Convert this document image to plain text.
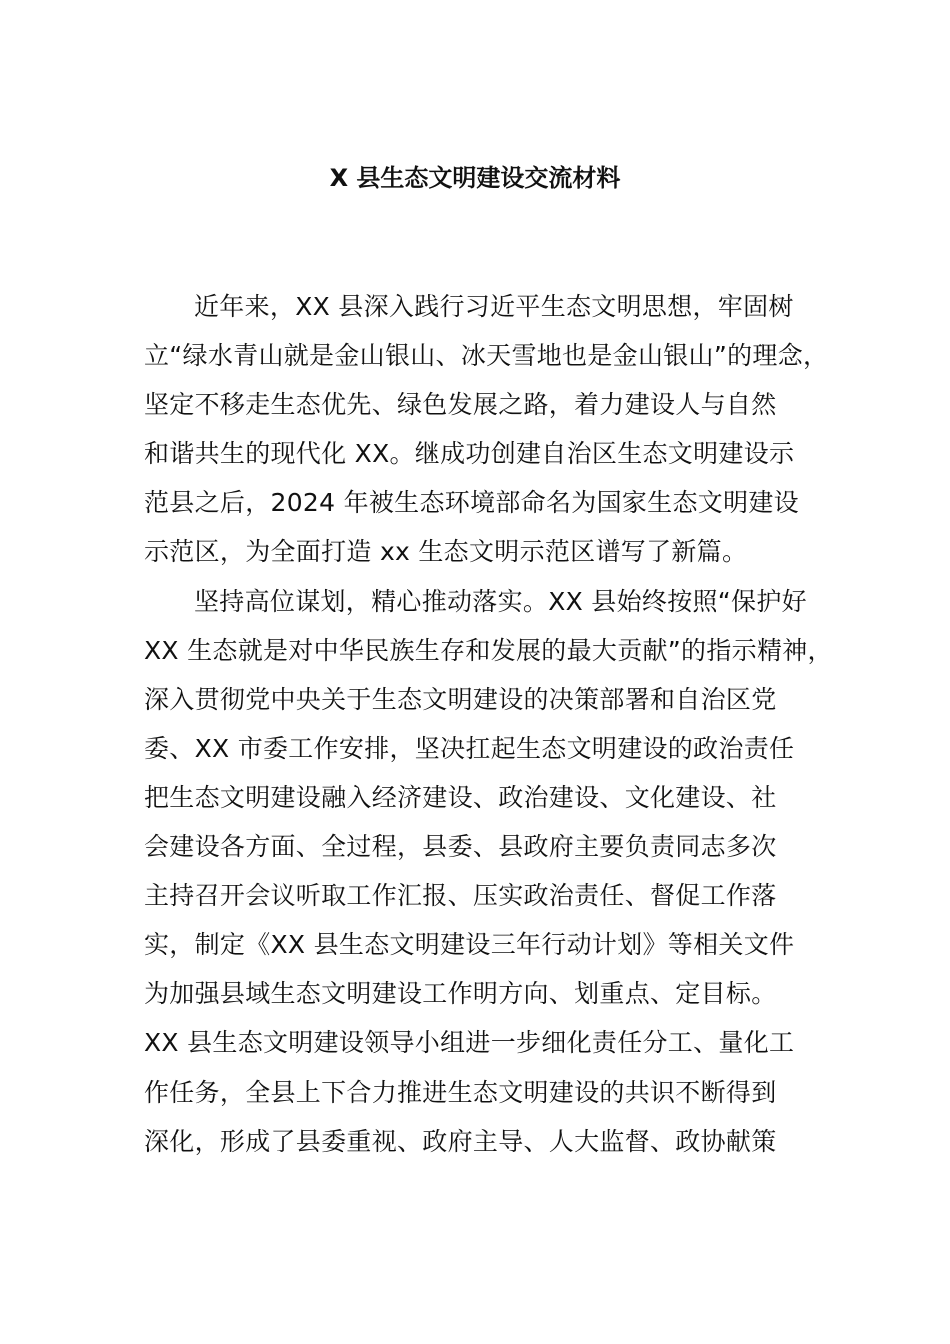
X 县生态文明建设交流材料
近年来，XX 县深入践行习近平生态文明思想，牢固树
立“绿水青山就是金山银山、冰天雪地也是金山银山”的理念，
坚定不移走生态优先、绿色发展之路，着力建设人与自然
和谐共生的现代化 XX。继成功创建自治区生态文明建设示
范县之后，2024 年被生态环境部命名为国家生态文明建设
示范区，为全面打造 xx 生态文明示范区谱写了新篇。
坚持高位谋划，精心推动落实。XX 县始终按照“保护好
XX 生态就是对中华民族生存和发展的最大贡献”的指示精神，
深入贯彻党中央关于生态文明建设的决策部署和自治区党
委、XX 市委工作安排，坚决扛起生态文明建设的政治责任
把生态文明建设融入经济建设、政治建设、文化建设、社
会建设各方面、全过程，县委、县政府主要负责同志多次
主持召开会议听取工作汇报、压实政治责任、督促工作落
实，制定《XX 县生态文明建设三年行动计划》等相关文件
为加强县域生态文明建设工作明方向、划重点、定目标。
XX 县生态文明建设领导小组进一步细化责任分工、量化工
作任务，全县上下合力推进生态文明建设的共识不断得到
深化，形成了县委重视、政府主导、人大监督、政协献策
